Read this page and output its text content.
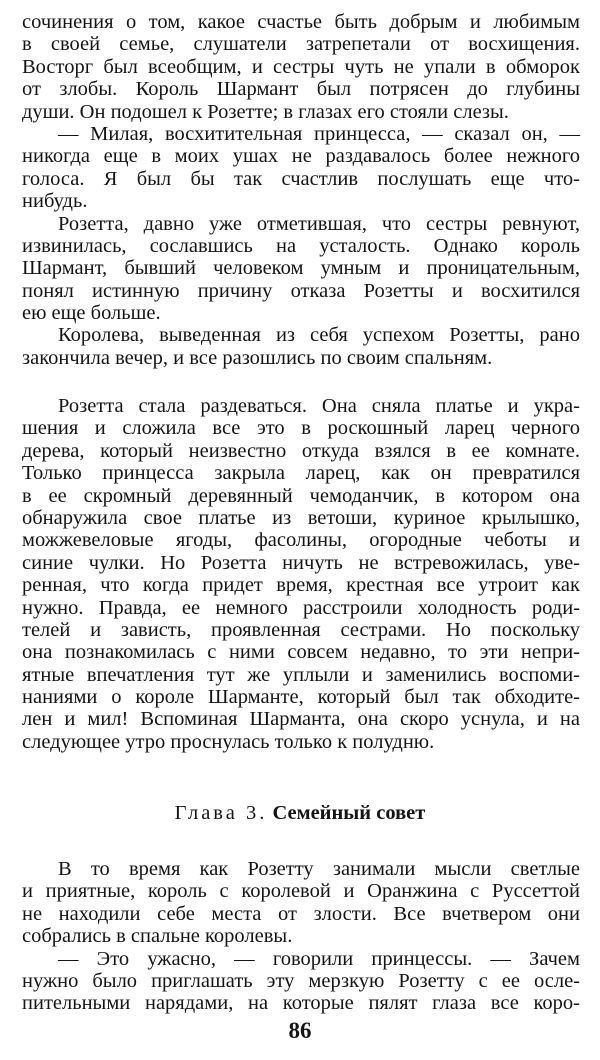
сочинения о том, какое счастье быть добрым и любимым
в своей семье, слушатели затрепетали от восхищения.
Восторг был всеобщим, и сестры чуть не упали в обморок
от злобы. Король Шармант был потрясен до глубины
души. Он подошел к Розетте; в глазах его стояли слезы.
— Милая, восхитительная принцесса, — сказал он, —
никогда еще в моих ушах не раздавалось более нежного
голоса. Я был бы так счастлив послушать еще что-
нибудь.
Розетта, давно уже отметившая, что сестры ревнуют,
извинилась, сославшись на усталость. Однако король
Шармант, бывший человеком умным и проницательным,
понял истинную причину отказа Розетты и восхитился
ею еще больше.
Королева, выведенная из себя успехом Розетты, рано
закончила вечер, и все разошлись по своим спальням.
Розетта стала раздеваться. Она сняла платье и укра-
шения и сложила все это в роскошный ларец черного
дерева, который неизвестно откуда взялся в ее комнате.
Только принцесса закрыла ларец, как он превратился
в ее скромный деревянный чемоданчик, в котором она
обнаружила свое платье из ветоши, куриное крылышко,
можжевеловые ягоды, фасолины, огородные чеботы и
синие чулки. Но Розетта ничуть не встревожилась, уве-
ренная, что когда придет время, крестная все утроит как
нужно. Правда, ее немного расстроили холодность роди-
телей и зависть, проявленная сестрами. Но поскольку
она познакомилась с ними совсем недавно, то эти непри-
ятные впечатления тут же уплыли и заменились воспоми-
наниями о короле Шарманте, который был так обходите-
лен и мил! Вспоминая Шарманта, она скоро уснула, и на
следующее утро проснулась только к полудню.
Глава 3. Семейный совет
В то время как Розетту занимали мысли светлые
и приятные, король с королевой и Оранжина с Руссеттой
не находили себе места от злости. Все вчетвером они
собрались в спальне королевы.
— Это ужасно, — говорили принцессы. — Зачем
нужно было приглашать эту мерзкую Розетту с ее осле-
пительными нарядами, на которые пялят глаза все коро-
86
